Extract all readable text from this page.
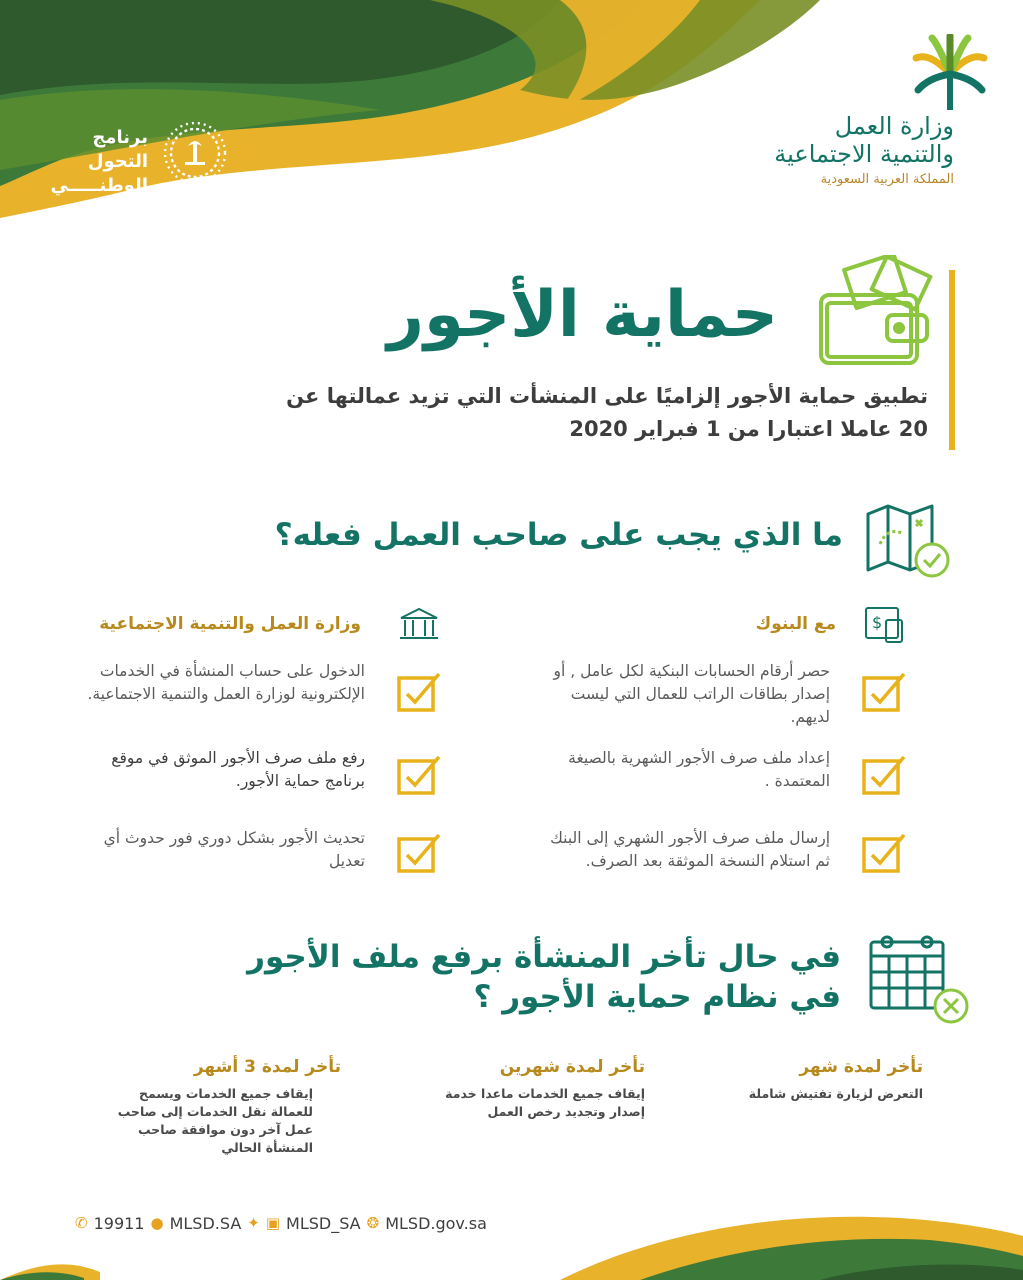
برنامج التحول
الوطنـــــي
وزارة العمل
والتنمية الاجتماعية
المملكة العربية السعودية
حماية الأجور
تطبيق حماية الأجور إلزاميًا على المنشأت التي تزيد عمالتها عن
20 عاملا اعتبارا من 1 فبراير 2020
ما الذي يجب على صاحب العمل فعله؟
$
مع البنوك
وزارة العمل والتنمية الاجتماعية
حصر أرقام الحسابات البنكية لكل عامل , أو إصدار بطاقات الراتب للعمال التي ليست لديهم.
إعداد ملف صرف الأجور الشهرية بالصيغة المعتمدة .
إرسال ملف صرف الأجور الشهري إلى البنك ثم استلام النسخة الموثقة بعد الصرف.
الدخول على حساب المنشأة في الخدمات الإلكترونية لوزارة العمل والتنمية الاجتماعية.
رفع ملف صرف الأجور الموثق في موقع برنامج حماية الأجور.
تحديث الأجور بشكل دوري فور حدوث أي تعديل
في حال تأخر المنشأة برفع ملف الأجور
في نظام حماية الأجور ؟
تأخر لمدة شهر
التعرض لزيارة تفتيش شاملة
تأخر لمدة شهرين
إيقاف جميع الخدمات ماعدا خدمة إصدار وتجديد رخص العمل
تأخر لمدة 3 أشهر
إيقاف جميع الخدمات ويسمح للعمالة نقل الخدمات إلى صاحب عمل آخر دون موافقة صاحب المنشأة الحالي
✆ 19911 ● MLSD.SA ✦ ▣ MLSD_SA ❂ MLSD.gov.sa
